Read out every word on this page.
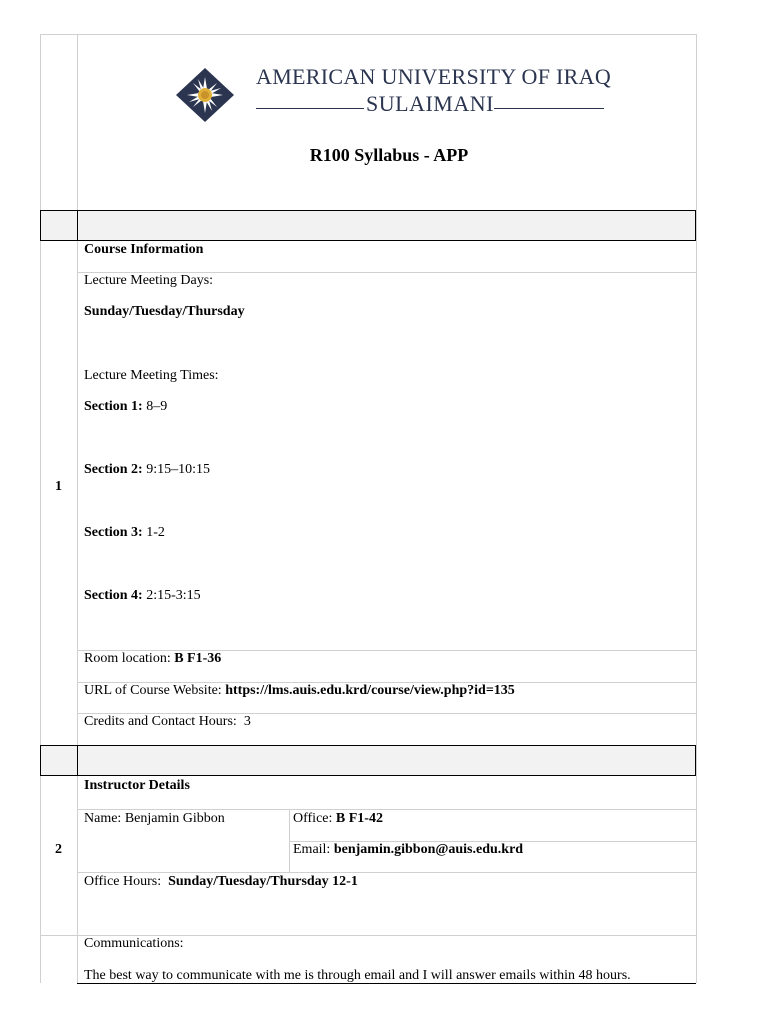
AMERICAN UNIVERSITY OF IRAQ
SULAIMANI
R100 Syllabus - APP
1
Course Information
Lecture Meeting Days:
Sunday/Tuesday/Thursday
Lecture Meeting Times:
Section 1: 8–9
Section 2: 9:15–10:15
Section 3: 1-2
Section 4: 2:15-3:15
Room location: B F1-36
URL of Course Website: https://lms.auis.edu.krd/course/view.php?id=135
Credits and Contact Hours: 3
2
Instructor Details
Name: Benjamin Gibbon	Office: B F1-42
Email: benjamin.gibbon@auis.edu.krd
Office Hours: Sunday/Tuesday/Thursday 12-1
Communications:
The best way to communicate with me is through email and I will answer emails within 48 hours.
